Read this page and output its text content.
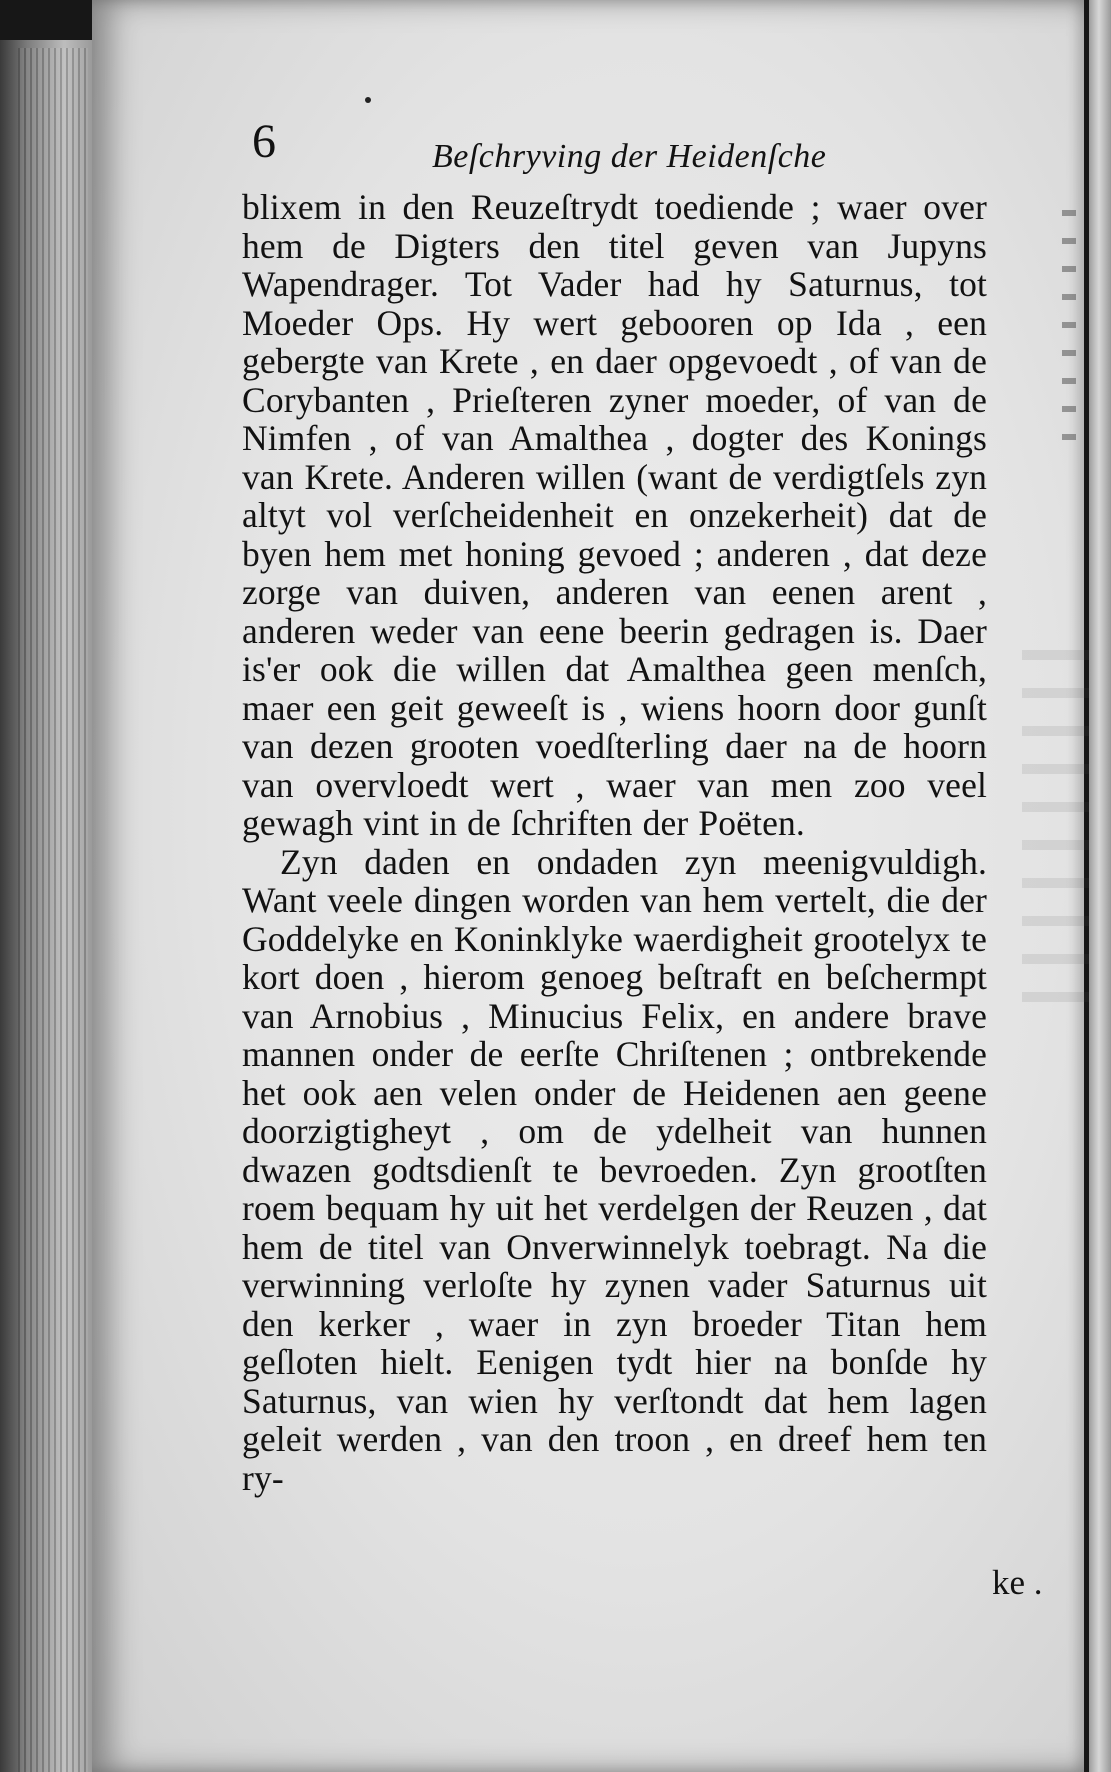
6	Beſchryving der Heidenſche

blixem in den Reuzeſtrydt toediende ; waer over hem de Digters den titel geven van Jupyns Wapendrager. Tot Vader had hy Saturnus, tot Moeder Ops. Hy wert gebooren op Ida , een gebergte van Krete , en daer opgevoedt , of van de Corybanten , Prieſteren zyner moeder, of van de Nimfen , of van Amalthea , dogter des Konings van Krete. Anderen willen (want de verdigtſels zyn altyt vol verſcheidenheit en onzekerheit) dat de byen hem met honing gevoed ; anderen , dat deze zorge van duiven, anderen van eenen arent , anderen weder van eene beerin gedragen is. Daer is'er ook die willen dat Amalthea geen menſch, maer een geit geweeſt is , wiens hoorn door gunſt van dezen grooten voedſterling daer na de hoorn van overvloedt wert , waer van men zoo veel gewagh vint in de ſchriften der Poëten.

Zyn daden en ondaden zyn meenigvuldigh. Want veele dingen worden van hem vertelt, die der Goddelyke en Koninklyke waerdigheit grootelyx te kort doen , hierom genoeg beſtraft en beſchermpt van Arnobius , Minucius Felix, en andere brave mannen onder de eerſte Chriſtenen ; ontbrekende het ook aen velen onder de Heidenen aen geene doorzigtigheyt , om de ydelheit van hunnen dwazen godtsdienſt te bevroeden. Zyn grootſten roem bequam hy uit het verdelgen der Reuzen , dat hem de titel van Onverwinnelyk toebragt. Na die verwinning verloſte hy zynen vader Saturnus uit den kerker , waer in zyn broeder Titan hem geſloten hielt. Eenigen tydt hier na bonſde hy Saturnus, van wien hy verſtondt dat hem lagen geleit werden , van den troon , en dreef hem ten ry-

ke .
